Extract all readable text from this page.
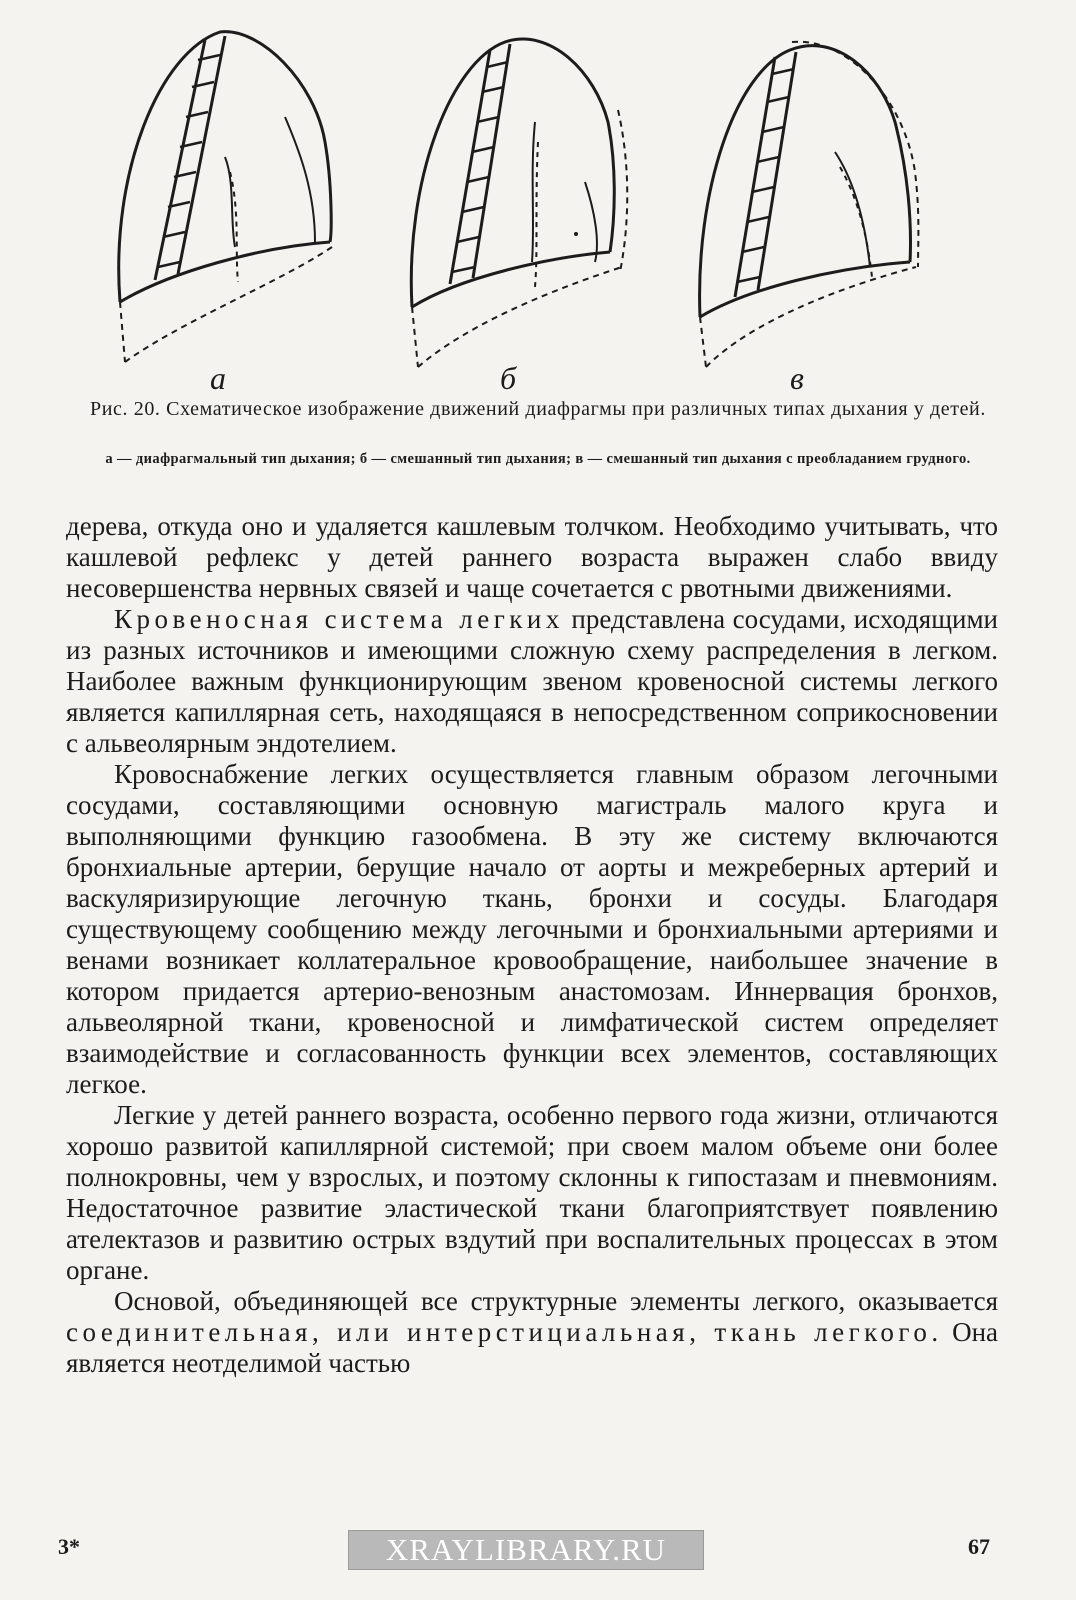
а	б	в
Рис. 20. Схематическое изображение движений диафрагмы при различных типах дыхания у детей.
а — диафрагмальный тип дыхания; б — смешанный тип дыхания; в — смешанный тип дыхания с преобладанием грудного.

дерева, откуда оно и удаляется кашлевым толчком. Необходимо учитывать, что кашлевой рефлекс у детей раннего возраста выражен слабо ввиду несовершенства нервных связей и чаще сочетается с рвотными движениями.

Кровеносная система легких представлена сосудами, исходящими из разных источников и имеющими сложную схему распределения в легком. Наиболее важным функционирующим звеном кровеносной системы легкого является капиллярная сеть, находящаяся в непосредственном соприкосновении с альвеолярным эндотелием.

Кровоснабжение легких осуществляется главным образом легочными сосудами, составляющими основную магистраль малого круга и выполняющими функцию газообмена. В эту же систему включаются бронхиальные артерии, берущие начало от аорты и межреберных артерий и васкуляризирующие легочную ткань, бронхи и сосуды. Благодаря существующему сообщению между легочными и бронхиальными артериями и венами возникает коллатеральное кровообращение, наибольшее значение в котором придается артерио-венозным анастомозам. Иннервация бронхов, альвеолярной ткани, кровеносной и лимфатической систем определяет взаимодействие и согласованность функции всех элементов, составляющих легкое.

Легкие у детей раннего возраста, особенно первого года жизни, отличаются хорошо развитой капиллярной системой; при своем малом объеме они более полнокровны, чем у взрослых, и поэтому склонны к гипостазам и пневмониям. Недостаточное развитие эластической ткани благоприятствует появлению ателектазов и развитию острых вздутий при воспалительных процессах в этом органе.

Основой, объединяющей все структурные элементы легкого, оказывается соединительная, или интерстициальная, ткань легкого. Она является неотделимой частью

3*	XRAYLIBRARY.RU	67
